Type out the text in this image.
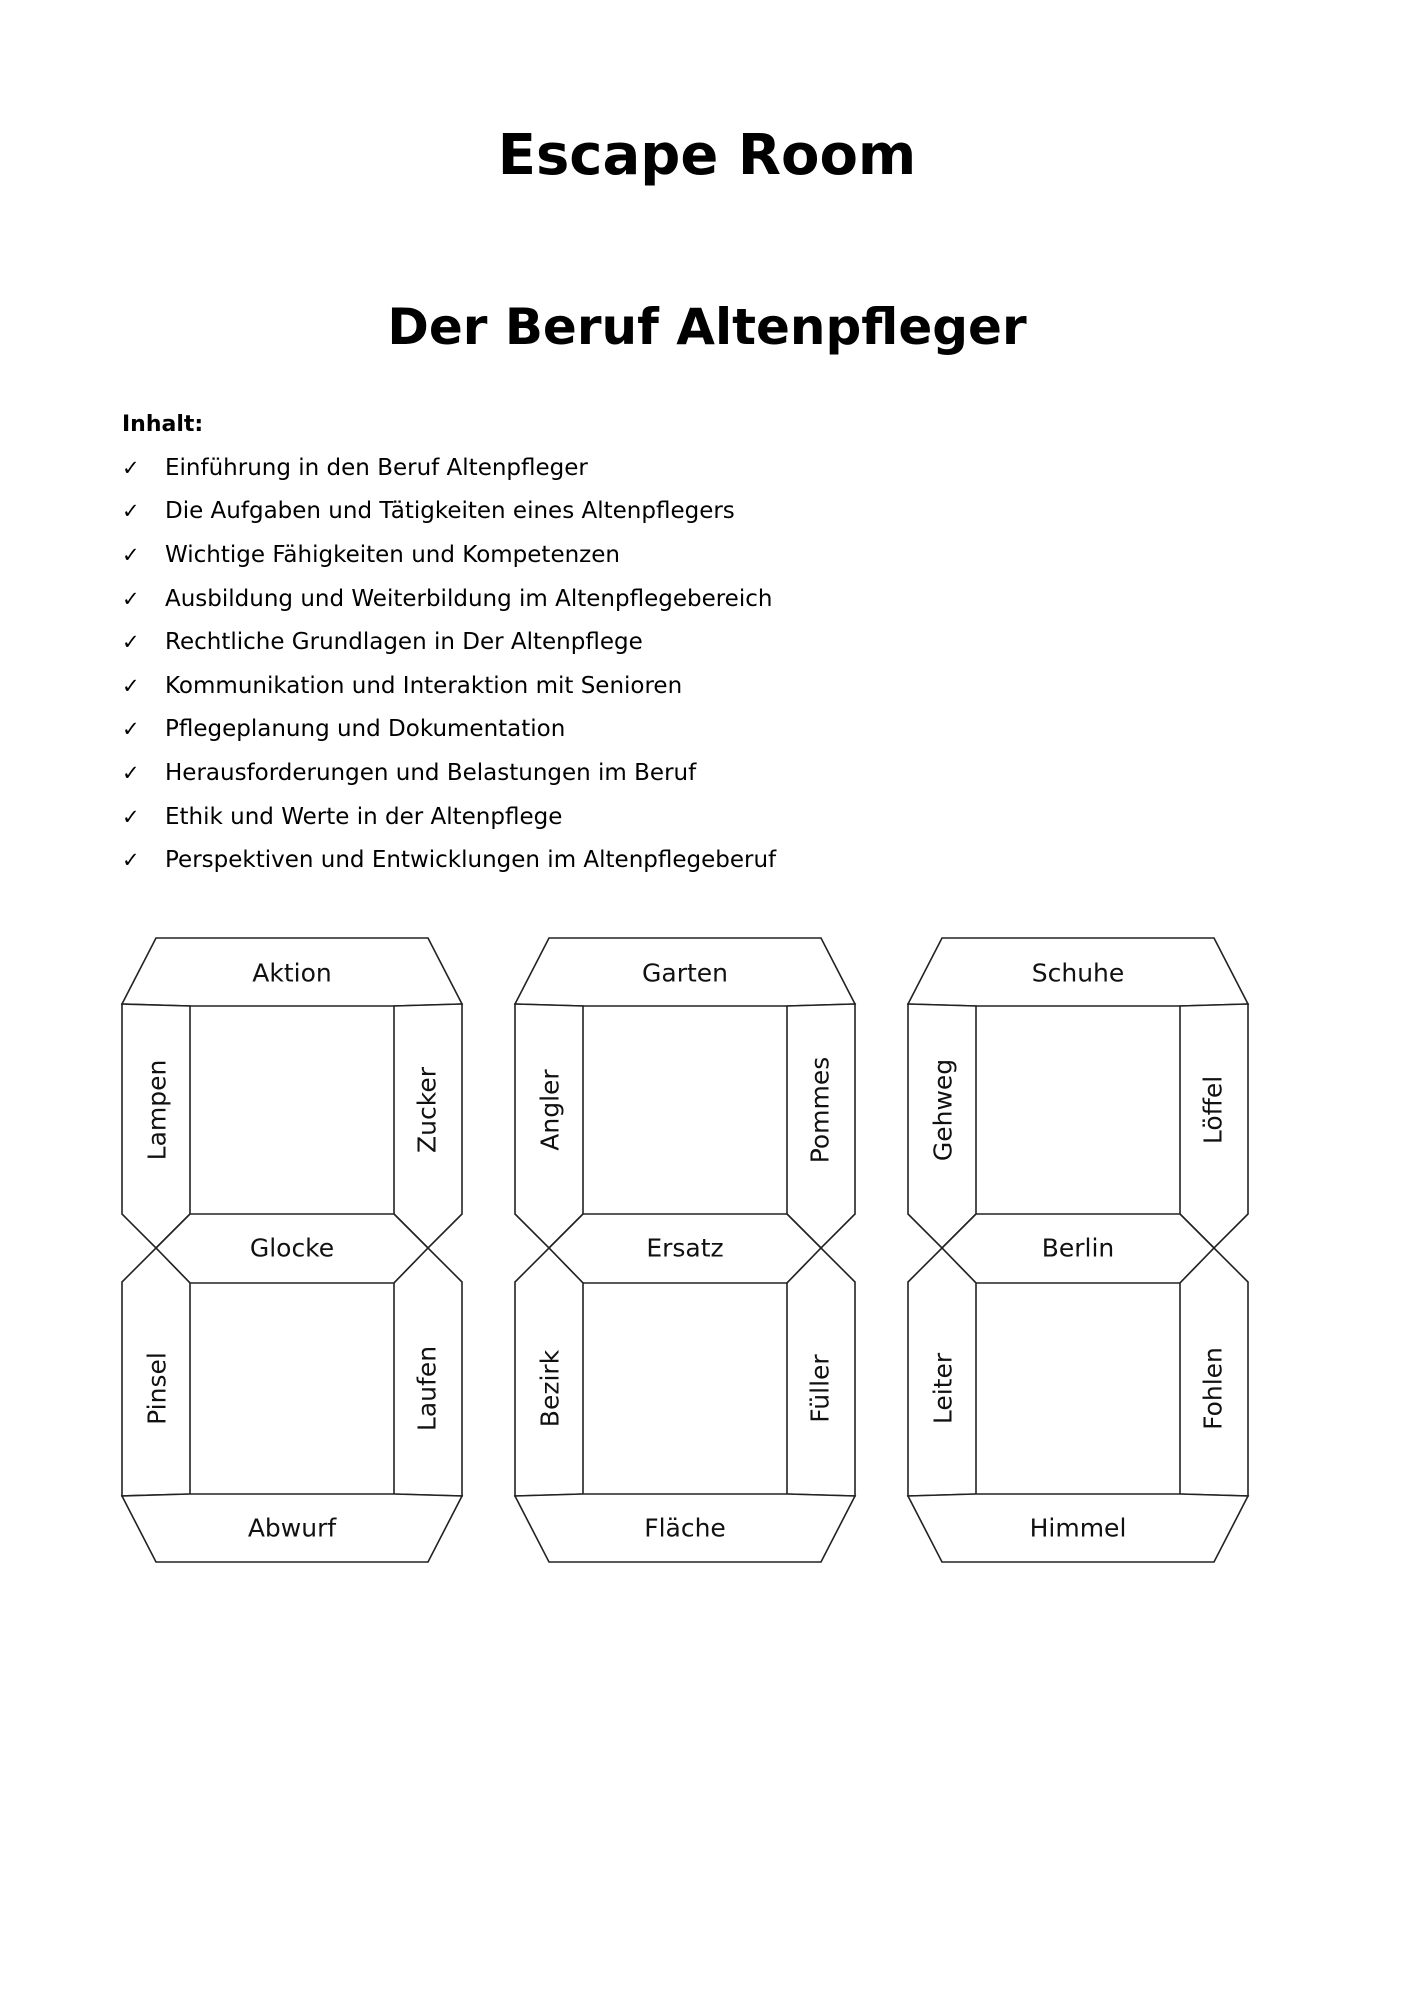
Escape Room
Der Beruf Altenpfleger
Inhalt:
✓	Einführung in den Beruf Altenpfleger
✓	Die Aufgaben und Tätigkeiten eines Altenpflegers
✓	Wichtige Fähigkeiten und Kompetenzen
✓	Ausbildung und Weiterbildung im Altenpflegebereich
✓	Rechtliche Grundlagen in Der Altenpflege
✓	Kommunikation und Interaktion mit Senioren
✓	Pflegeplanung und Dokumentation
✓	Herausforderungen und Belastungen im Beruf
✓	Ethik und Werte in der Altenpflege
✓	Perspektiven und Entwicklungen im Altenpflegeberuf
Aktion
Lampen	Zucker
Glocke
Pinsel	Laufen
Abwurf
Garten
Angler	Pommes
Ersatz
Bezirk	Füller
Fläche
Schuhe
Gehweg	Löffel
Berlin
Leiter	Fohlen
Himmel
